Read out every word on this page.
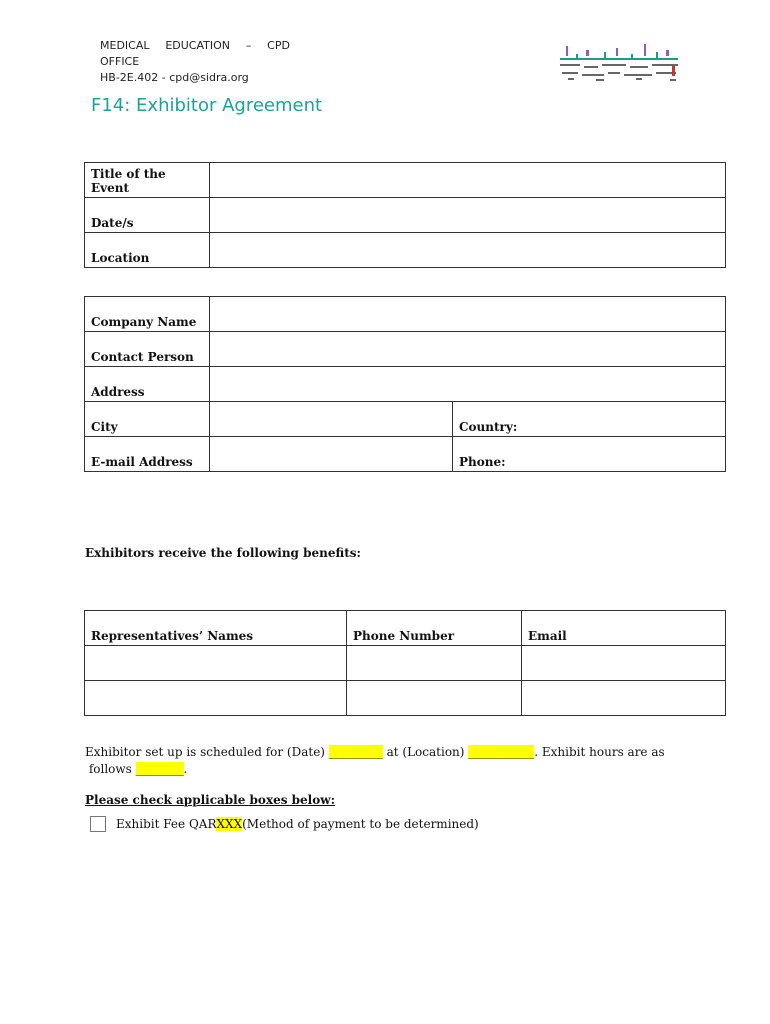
MEDICAL EDUCATION – CPD
OFFICE
HB-2E.402 - cpd@sidra.org
F14: Exhibitor Agreement
Title of the Event	
Date/s	
Location	
Company Name		
Contact Person		
Address		
City		Country:
E-mail Address		Phone:
Exhibitors receive the following benefits:
Representatives’ Names	Phone Number	Email

Exhibitor set up is scheduled for (Date) _________ at (Location) ___________. Exhibit hours are as
follows ________.
Please check applicable boxes below:
Exhibit Fee QAR XXX (Method of payment to be determined)
